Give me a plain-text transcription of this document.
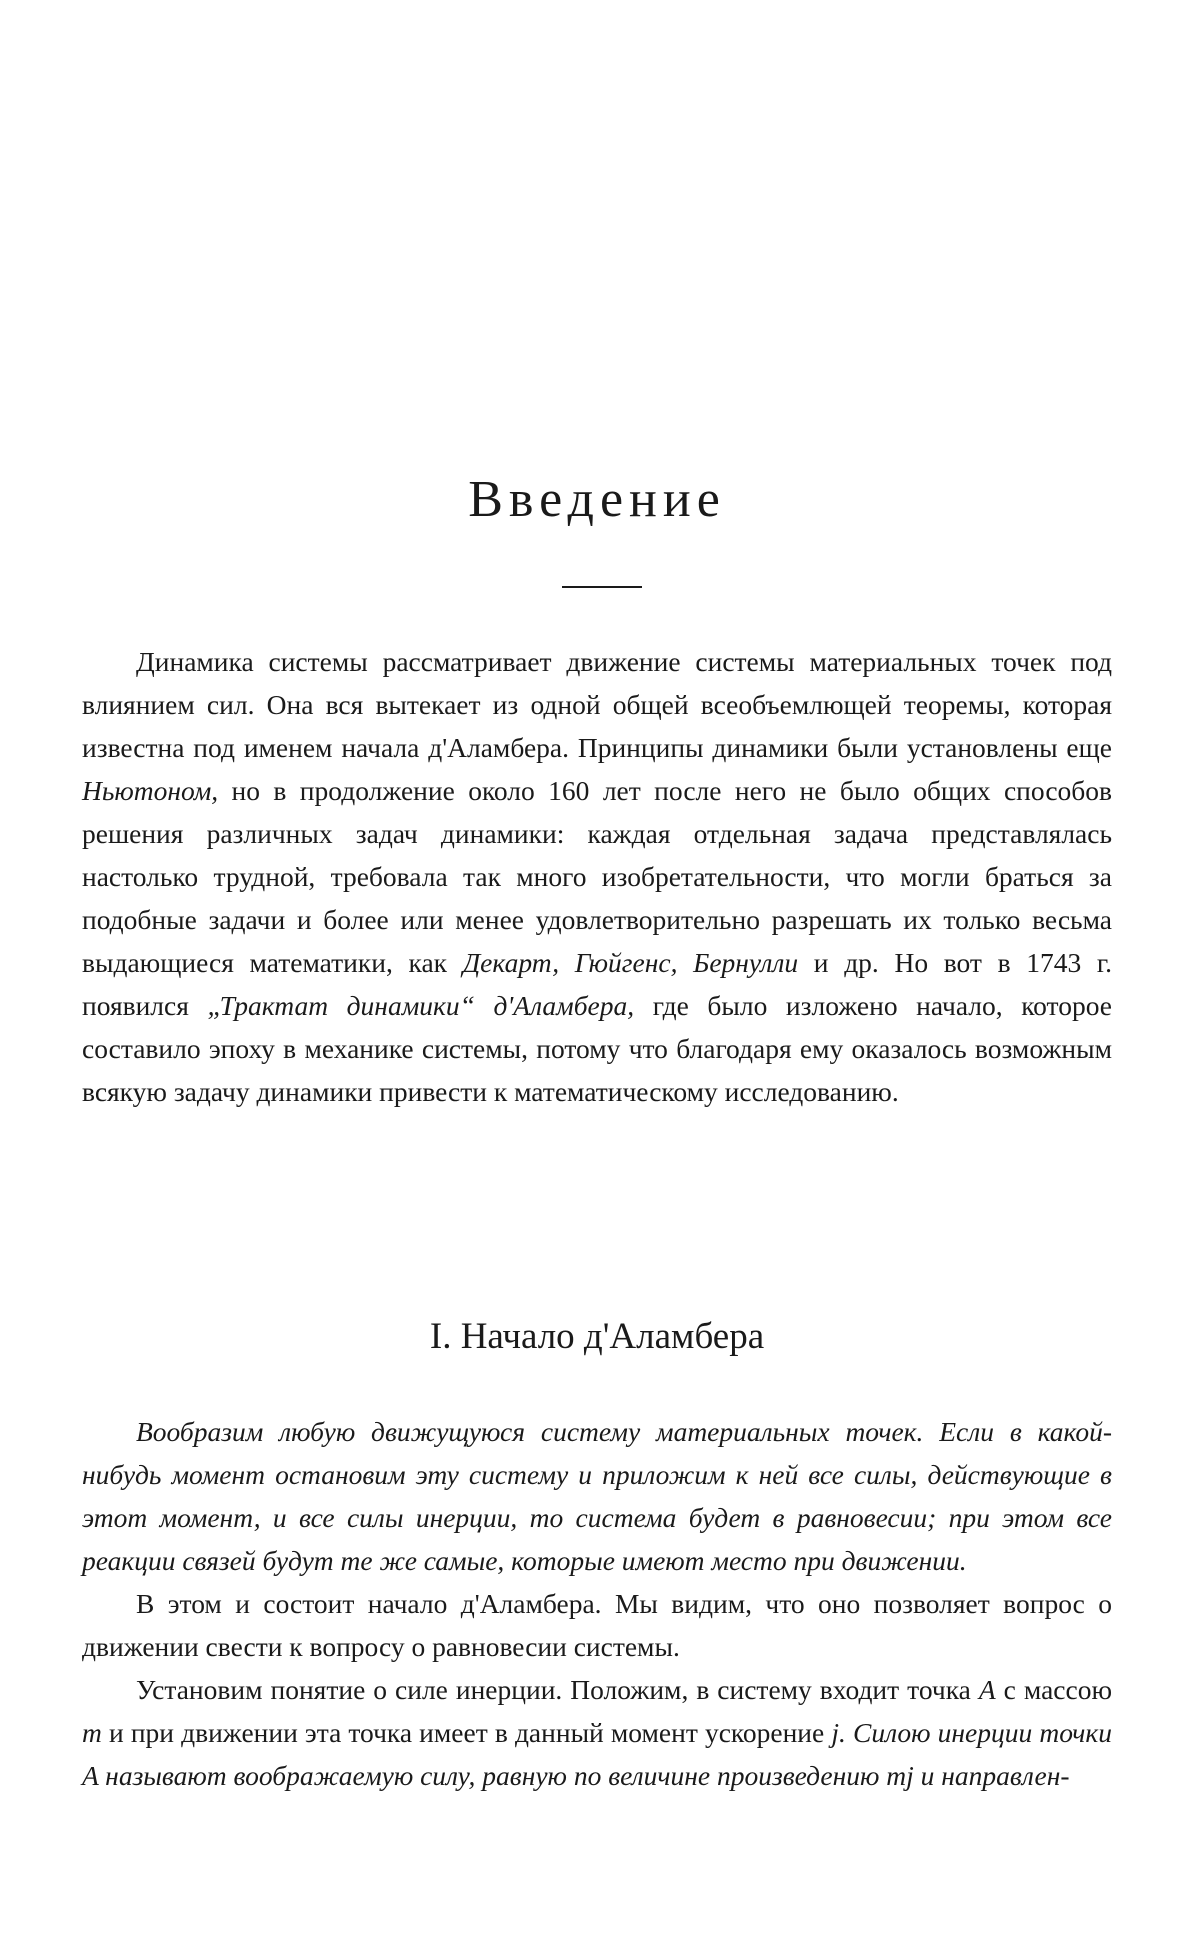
Введение

Динамика системы рассматривает движение системы материальных точек под влиянием сил. Она вся вытекает из одной общей всеобъемлющей теоремы, которая известна под именем начала д'Аламбера. Принципы динамики были установлены еще Ньютоном, но в продолжение около 160 лет после него не было общих способов решения различных задач динамики: каждая отдельная задача представлялась настолько трудной, требовала так много изобретательности, что могли браться за подобные задачи и более или менее удовлетворительно разрешать их только весьма выдающиеся математики, как Декарт, Гюйгенс, Бернулли и др. Но вот в 1743 г. появился „Трактат динамики“ д'Аламбера, где было изложено начало, которое составило эпоху в механике системы, потому что благодаря ему оказалось возможным всякую задачу динамики привести к математическому исследованию.

I. Начало д'Аламбера

Вообразим любую движущуюся систему материальных точек. Если в какой-нибудь момент остановим эту систему и приложим к ней все силы, действующие в этот момент, и все силы инерции, то система будет в равновесии; при этом все реакции связей будут те же самые, которые имеют место при движении.

В этом и состоит начало д'Аламбера. Мы видим, что оно позволяет вопрос о движении свести к вопросу о равновесии системы.

Установим понятие о силе инерции. Положим, в систему входит точка A с массою m и при движении эта точка имеет в данный момент ускорение j. Силою инерции точки A называют воображаемую силу, равную по величине произведению mj и направлен-
